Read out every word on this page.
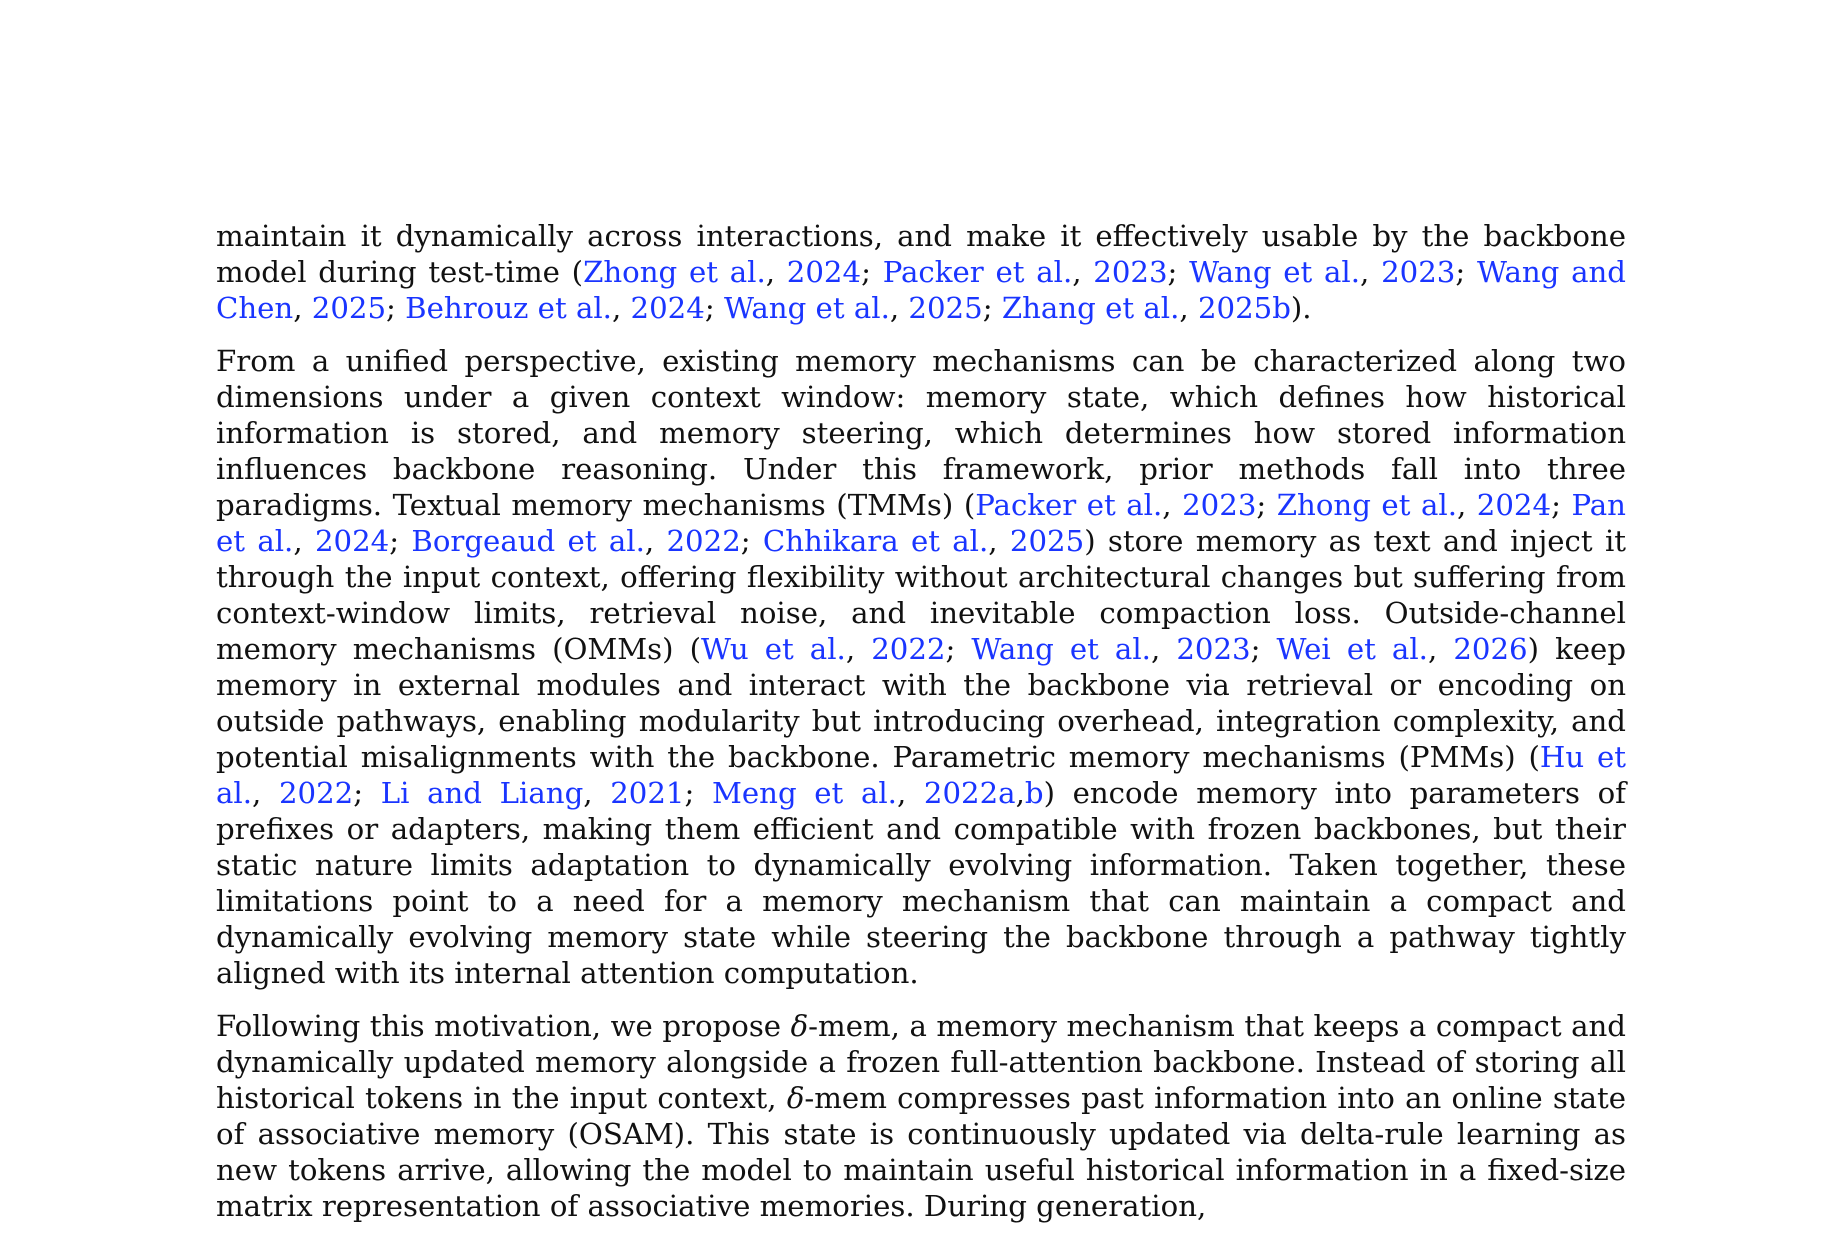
maintain it dynamically across interactions, and make it effectively usable by the backbone model during test-time (Zhong et al., 2024; Packer et al., 2023; Wang et al., 2023; Wang and Chen, 2025; Behrouz et al., 2024; Wang et al., 2025; Zhang et al., 2025b).

From a unified perspective, existing memory mechanisms can be characterized along two dimensions under a given context window: memory state, which defines how historical information is stored, and memory steering, which determines how stored information influences backbone reasoning. Under this framework, prior methods fall into three paradigms. Textual memory mechanisms (TMMs) (Packer et al., 2023; Zhong et al., 2024; Pan et al., 2024; Borgeaud et al., 2022; Chhikara et al., 2025) store memory as text and inject it through the input context, offering flexibility without architectural changes but suffering from context-window limits, retrieval noise, and inevitable compaction loss. Outside-channel memory mechanisms (OMMs) (Wu et al., 2022; Wang et al., 2023; Wei et al., 2026) keep memory in external modules and interact with the backbone via retrieval or encoding on outside pathways, enabling modularity but introducing overhead, integration complexity, and potential misalignments with the backbone. Parametric memory mechanisms (PMMs) (Hu et al., 2022; Li and Liang, 2021; Meng et al., 2022a,b) encode memory into parameters of prefixes or adapters, making them efficient and compatible with frozen backbones, but their static nature limits adaptation to dynamically evolving information. Taken together, these limitations point to a need for a memory mechanism that can maintain a compact and dynamically evolving memory state while steering the backbone through a pathway tightly aligned with its internal attention computation.

Following this motivation, we propose δ-mem, a memory mechanism that keeps a compact and dynamically updated memory alongside a frozen full-attention backbone. Instead of storing all historical tokens in the input context, δ-mem compresses past information into an online state of associative memory (OSAM). This state is continuously updated via delta-rule learning as new tokens arrive, allowing the model to maintain useful historical information in a fixed-size matrix representation of associative memories. During generation,
